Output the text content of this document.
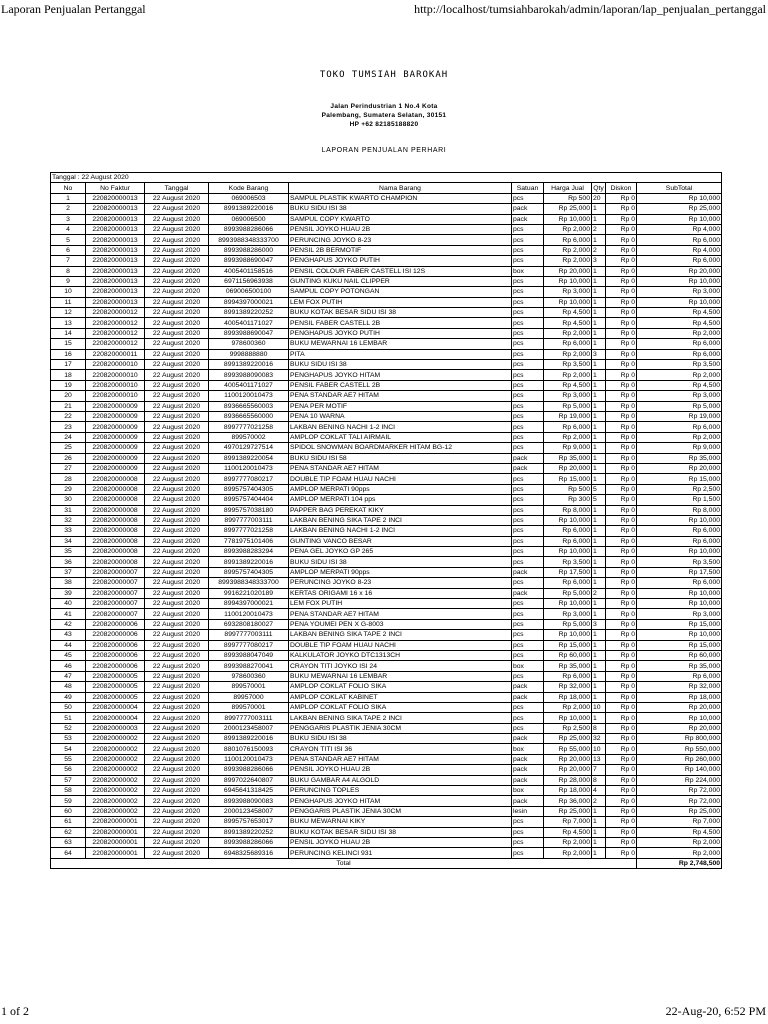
Laporan Penjualan Pertanggal	http://localhost/tumsiahbarokah/admin/laporan/lap_penjualan_pertanggal
TOKO TUMSIAH BAROKAH
Jalan Perindustrian 1 No.4 Kota
Palembang, Sumatera Selatan, 30151
HP +62 82185188820
LAPORAN PENJUALAN PERHARI
Tanggal : 22 August 2020									
No	No Faktur	Tanggal	Kode Barang	Nama Barang	Satuan	Harga Jual	Qty	Diskon	SubTotal
1	220820000013	22 August 2020	069006503	SAMPUL PLASTIK KWARTO CHAMPION	pcs	Rp 500	20	Rp 0	Rp 10,000
2	220820000013	22 August 2020	8991389220016	BUKU SIDU ISI 38	pack	Rp 25,000	1	Rp 0	Rp 25,000
3	220820000013	22 August 2020	069006500	SAMPUL COPY KWARTO	pack	Rp 10,000	1	Rp 0	Rp 10,000
4	220820000013	22 August 2020	8993988286066	PENSIL JOYKO HUAU 2B	pcs	Rp 2,000	2	Rp 0	Rp 4,000
5	220820000013	22 August 2020	8993988348333700	PERUNCING JOYKO 8-23	pcs	Rp 6,000	1	Rp 0	Rp 6,000
6	220820000013	22 August 2020	8993988286000	PENSIL 2B BERMOTIF	pcs	Rp 2,000	2	Rp 0	Rp 4,000
7	220820000013	22 August 2020	8993988690047	PENGHAPUS JOYKO PUTIH	pcs	Rp 2,000	3	Rp 0	Rp 6,000
8	220820000013	22 August 2020	4005401158516	PENSIL COLOUR FABER CASTELL ISI 12S	box	Rp 20,000	1	Rp 0	Rp 20,000
9	220820000013	22 August 2020	6971156963938	GUNTING KUKU NAIL CLIPPER	pcs	Rp 10,000	1	Rp 0	Rp 10,000
10	220820000013	22 August 2020	069006500100	SAMPUL COPY POTONGAN	pcs	Rp 3,000	1	Rp 0	Rp 3,000
11	220820000013	22 August 2020	8994397000021	LEM FOX PUTIH	pcs	Rp 10,000	1	Rp 0	Rp 10,000
12	220820000012	22 August 2020	8991389220252	BUKU KOTAK BESAR SIDU ISI 38	pcs	Rp 4,500	1	Rp 0	Rp 4,500
13	220820000012	22 August 2020	4005401171027	PENSIL FABER CASTELL 2B	pcs	Rp 4,500	1	Rp 0	Rp 4,500
14	220820000012	22 August 2020	8993988690047	PENGHAPUS JOYKO PUTIH	pcs	Rp 2,000	1	Rp 0	Rp 2,000
15	220820000012	22 August 2020	978600360	BUKU MEWARNAI 16 LEMBAR	pcs	Rp 6,000	1	Rp 0	Rp 6,000
16	220820000011	22 August 2020	9998888880	PITA	pcs	Rp 2,000	3	Rp 0	Rp 6,000
17	220820000010	22 August 2020	8991389220016	BUKU SIDU ISI 38	pcs	Rp 3,500	1	Rp 0	Rp 3,500
18	220820000010	22 August 2020	8993988090083	PENGHAPUS JOYKO HITAM	pcs	Rp 2,000	1	Rp 0	Rp 2,000
19	220820000010	22 August 2020	4005401171027	PENSIL FABER CASTELL 2B	pcs	Rp 4,500	1	Rp 0	Rp 4,500
20	220820000010	22 August 2020	1100120010473	PENA STANDAR AE7 HITAM	pcs	Rp 3,000	1	Rp 0	Rp 3,000
21	220820000009	22 August 2020	8936665560003	PENA PER MOTIF	pcs	Rp 5,000	1	Rp 0	Rp 5,000
22	220820000009	22 August 2020	8936665560000	PENA 10 WARNA	pcs	Rp 19,000	1	Rp 0	Rp 19,000
23	220820000009	22 August 2020	8997777021258	LAKBAN BENING NACHI 1-2 INCI	pcs	Rp 6,000	1	Rp 0	Rp 6,000
24	220820000009	22 August 2020	899570002	AMPLOP COKLAT TALI AIRMAIL	pcs	Rp 2,000	1	Rp 0	Rp 2,000
25	220820000009	22 August 2020	4970129727514	SPIDOL SNOWMAN BOARDMARKER HITAM BG-12	pcs	Rp 9,000	1	Rp 0	Rp 9,000
26	220820000009	22 August 2020	8991389220054	BUKU SIDU ISI 58	pack	Rp 35,000	1	Rp 0	Rp 35,000
27	220820000009	22 August 2020	1100120010473	PENA STANDAR AE7 HITAM	pack	Rp 20,000	1	Rp 0	Rp 20,000
28	220820000008	22 August 2020	8997777080217	DOUBLE TIP FOAM HUAU NACHI	pcs	Rp 15,000	1	Rp 0	Rp 15,000
29	220820000008	22 August 2020	8995757404305	AMPLOP MERPATI 90pps	pcs	Rp 500	5	Rp 0	Rp 2,500
30	220820000008	22 August 2020	8995757404404	AMPLOP MERPATI 104 pps	pcs	Rp 300	5	Rp 0	Rp 1,500
31	220820000008	22 August 2020	8995757038180	PAPPER BAG PEREKAT KIKY	pcs	Rp 8,000	1	Rp 0	Rp 8,000
32	220820000008	22 August 2020	8997777003111	LAKBAN BENING SIKA TAPE 2 INCI	pcs	Rp 10,000	1	Rp 0	Rp 10,000
33	220820000008	22 August 2020	8997777021258	LAKBAN BENING NACHI 1-2 INCI	pcs	Rp 6,000	1	Rp 0	Rp 6,000
34	220820000008	22 August 2020	7781975101406	GUNTING VANCO BESAR	pcs	Rp 6,000	1	Rp 0	Rp 6,000
35	220820000008	22 August 2020	8993988283294	PENA GEL JOYKO GP 265	pcs	Rp 10,000	1	Rp 0	Rp 10,000
36	220820000008	22 August 2020	8991389220016	BUKU SIDU ISI 38	pcs	Rp 3,500	1	Rp 0	Rp 3,500
37	220820000007	22 August 2020	8995757404305	AMPLOP MERPATI 90pps	pack	Rp 17,500	1	Rp 0	Rp 17,500
38	220820000007	22 August 2020	8993988348333700	PERUNCING JOYKO 8-23	pcs	Rp 6,000	1	Rp 0	Rp 6,000
39	220820000007	22 August 2020	9916221020189	KERTAS ORIGAMI 16 x 16	pack	Rp 5,000	2	Rp 0	Rp 10,000
40	220820000007	22 August 2020	8994397000021	LEM FOX PUTIH	pcs	Rp 10,000	1	Rp 0	Rp 10,000
41	220820000007	22 August 2020	1100120010473	PENA STANDAR AE7 HITAM	pcs	Rp 3,000	1	Rp 0	Rp 3,000
42	220820000006	22 August 2020	6932808180027	PENA YOUMEI PEN X G-8003	pcs	Rp 5,000	3	Rp 0	Rp 15,000
43	220820000006	22 August 2020	8997777003111	LAKBAN BENING SIKA TAPE 2 INCI	pcs	Rp 10,000	1	Rp 0	Rp 10,000
44	220820000006	22 August 2020	8997777080217	DOUBLE TIP FOAM HUAU NACHI	pcs	Rp 15,000	1	Rp 0	Rp 15,000
45	220820000006	22 August 2020	8993988047049	KALKULATOR JOYKO DTC1313CH	pcs	Rp 60,000	1	Rp 0	Rp 60,000
46	220820000006	22 August 2020	8993988270041	CRAYON TITI JOYKO ISI 24	box	Rp 35,000	1	Rp 0	Rp 35,000
47	220820000005	22 August 2020	978600360	BUKU MEWARNAI 16 LEMBAR	pcs	Rp 6,000	1	Rp 0	Rp 6,000
48	220820000005	22 August 2020	899570001	AMPLOP COKLAT FOLIO SIKA	pack	Rp 32,000	1	Rp 0	Rp 32,000
49	220820000005	22 August 2020	89957000	AMPLOP COKLAT KABINET	pack	Rp 18,000	1	Rp 0	Rp 18,000
50	220820000004	22 August 2020	899570001	AMPLOP COKLAT FOLIO SIKA	pcs	Rp 2,000	10	Rp 0	Rp 20,000
51	220820000004	22 August 2020	8997777003111	LAKBAN BENING SIKA TAPE 2 INCI	pcs	Rp 10,000	1	Rp 0	Rp 10,000
52	220820000003	22 August 2020	2000123458007	PENGGARIS PLASTIK JENIA 30CM	pcs	Rp 2,500	8	Rp 0	Rp 20,000
53	220820000002	22 August 2020	8991389220016	BUKU SIDU ISI 38	pack	Rp 25,000	32	Rp 0	Rp 800,000
54	220820000002	22 August 2020	8801076150093	CRAYON TITI ISI 36	box	Rp 55,000	10	Rp 0	Rp 550,000
55	220820000002	22 August 2020	1100120010473	PENA STANDAR AE7 HITAM	pack	Rp 20,000	13	Rp 0	Rp 260,000
56	220820000002	22 August 2020	8993988286066	PENSIL JOYKO HUAU 2B	pack	Rp 20,000	7	Rp 0	Rp 140,000
57	220820000002	22 August 2020	8997022640807	BUKU GAMBAR A4 ALGOLD	pack	Rp 28,000	8	Rp 0	Rp 224,000
58	220820000002	22 August 2020	6945641318425	PERUNCING TOPLES	box	Rp 18,000	4	Rp 0	Rp 72,000
59	220820000002	22 August 2020	8993988090083	PENGHAPUS JOYKO HITAM	pack	Rp 36,000	2	Rp 0	Rp 72,000
60	220820000002	22 August 2020	2000123458007	PENGGARIS PLASTIK JENIA 30CM	lesin	Rp 25,000	1	Rp 0	Rp 25,000
61	220820000001	22 August 2020	8995757653017	BUKU MEWARNAI KIKY	pcs	Rp 7,000	1	Rp 0	Rp 7,000
62	220820000001	22 August 2020	8991389220252	BUKU KOTAK BESAR SIDU ISI 38	pcs	Rp 4,500	1	Rp 0	Rp 4,500
63	220820000001	22 August 2020	8993988286066	PENSIL JOYKO HUAU 2B	pcs	Rp 2,000	1	Rp 0	Rp 2,000
64	220820000001	22 August 2020	6948325689316	PERUNCING KELINCI 931	pcs	Rp 2,000	1	Rp 0	Rp 2,000
Total									Rp 2,748,500
1 of 2	22-Aug-20, 6:52 PM
